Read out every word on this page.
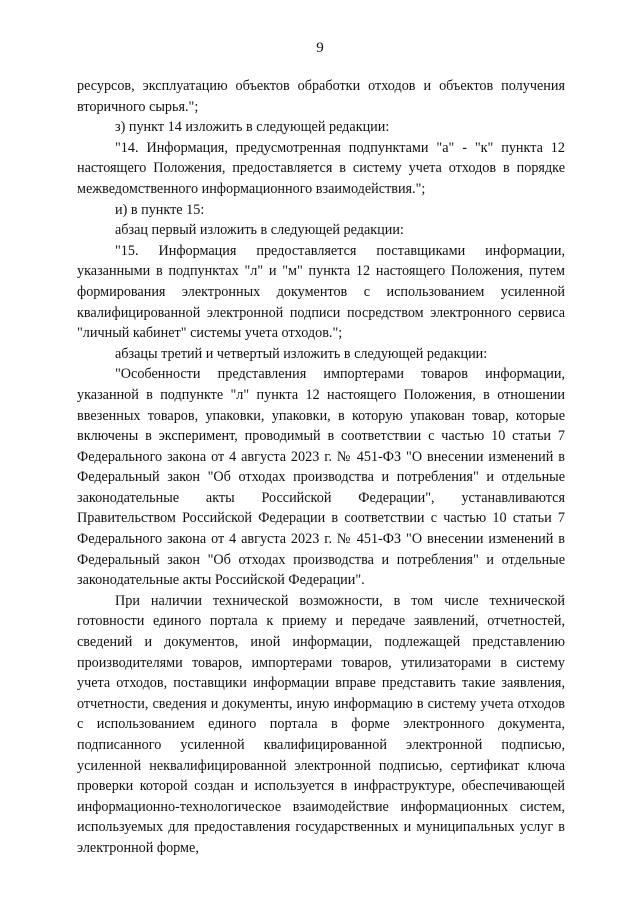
9

ресурсов, эксплуатацию объектов обработки отходов и объектов получения вторичного сырья.";

з) пункт 14 изложить в следующей редакции:

"14. Информация, предусмотренная подпунктами "а" - "к" пункта 12 настоящего Положения, предоставляется в систему учета отходов в порядке межведомственного информационного взаимодействия.";

и) в пункте 15:

абзац первый изложить в следующей редакции:

"15. Информация предоставляется поставщиками информации, указанными в подпунктах "л" и "м" пункта 12 настоящего Положения, путем формирования электронных документов с использованием усиленной квалифицированной электронной подписи посредством электронного сервиса "личный кабинет" системы учета отходов.";

абзацы третий и четвертый изложить в следующей редакции:

"Особенности представления импортерами товаров информации, указанной в подпункте "л" пункта 12 настоящего Положения, в отношении ввезенных товаров, упаковки, упаковки, в которую упакован товар, которые включены в эксперимент, проводимый в соответствии с частью 10 статьи 7 Федерального закона от 4 августа 2023 г. № 451-ФЗ "О внесении изменений в Федеральный закон "Об отходах производства и потребления" и отдельные законодательные акты Российской Федерации", устанавливаются Правительством Российской Федерации в соответствии с частью 10 статьи 7 Федерального закона от 4 августа 2023 г. № 451-ФЗ "О внесении изменений в Федеральный закон "Об отходах производства и потребления" и отдельные законодательные акты Российской Федерации".

При наличии технической возможности, в том числе технической готовности единого портала к приему и передаче заявлений, отчетностей, сведений и документов, иной информации, подлежащей представлению производителями товаров, импортерами товаров, утилизаторами в систему учета отходов, поставщики информации вправе представить такие заявления, отчетности, сведения и документы, иную информацию в систему учета отходов с использованием единого портала в форме электронного документа, подписанного усиленной квалифицированной электронной подписью, усиленной неквалифицированной электронной подписью, сертификат ключа проверки которой создан и используется в инфраструктуре, обеспечивающей информационно-технологическое взаимодействие информационных систем, используемых для предоставления государственных и муниципальных услуг в электронной форме,
